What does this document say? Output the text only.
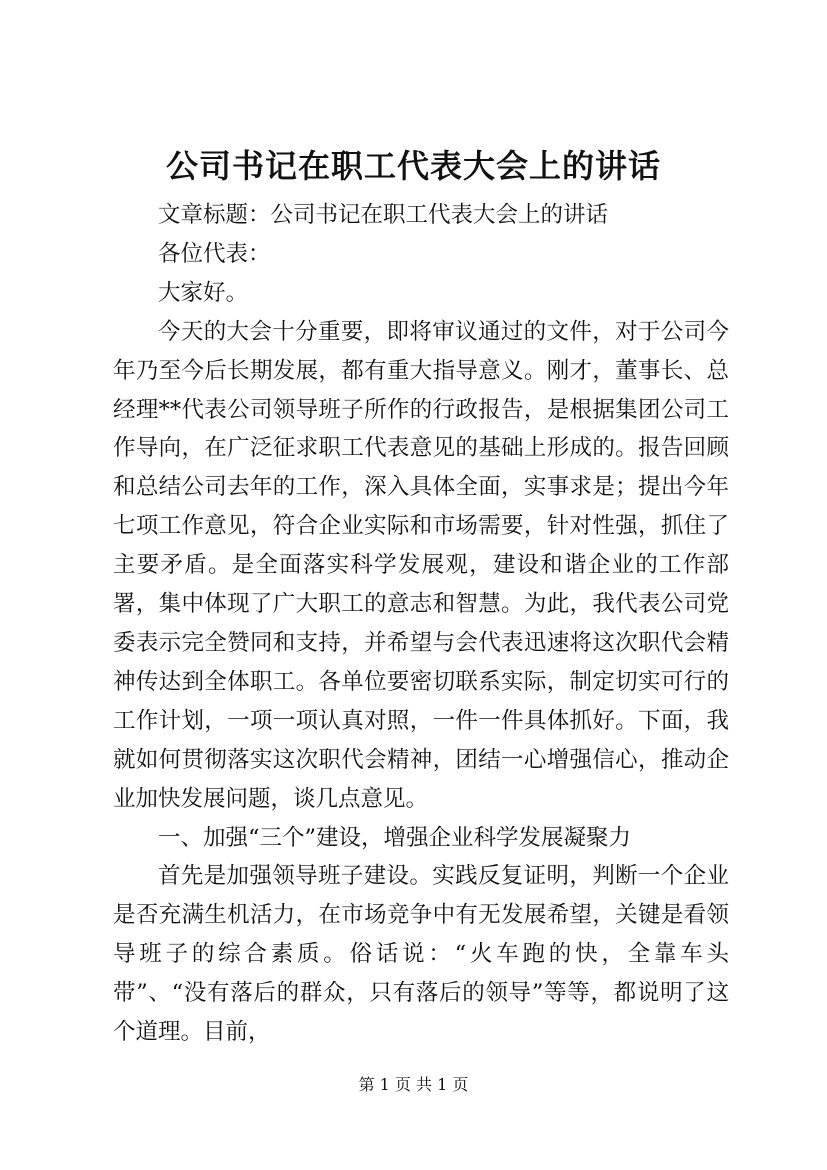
公司书记在职工代表大会上的讲话

文章标题：公司书记在职工代表大会上的讲话

各位代表：

大家好。

今天的大会十分重要，即将审议通过的文件，对于公司今年乃至今后长期发展，都有重大指导意义。刚才，董事长、总经理**代表公司领导班子所作的行政报告，是根据集团公司工作导向，在广泛征求职工代表意见的基础上形成的。报告回顾和总结公司去年的工作，深入具体全面，实事求是；提出今年七项工作意见，符合企业实际和市场需要，针对性强，抓住了主要矛盾。是全面落实科学发展观，建设和谐企业的工作部署，集中体现了广大职工的意志和智慧。为此，我代表公司党委表示完全赞同和支持，并希望与会代表迅速将这次职代会精神传达到全体职工。各单位要密切联系实际，制定切实可行的工作计划，一项一项认真对照，一件一件具体抓好。下面，我就如何贯彻落实这次职代会精神，团结一心增强信心，推动企业加快发展问题，谈几点意见。

一、加强“三个”建设，增强企业科学发展凝聚力

首先是加强领导班子建设。实践反复证明，判断一个企业是否充满生机活力，在市场竞争中有无发展希望，关键是看领导班子的综合素质。俗话说：“火车跑的快，全靠车头带”、“没有落后的群众，只有落后的领导”等等，都说明了这个道理。目前，

第 1 页 共 1 页
